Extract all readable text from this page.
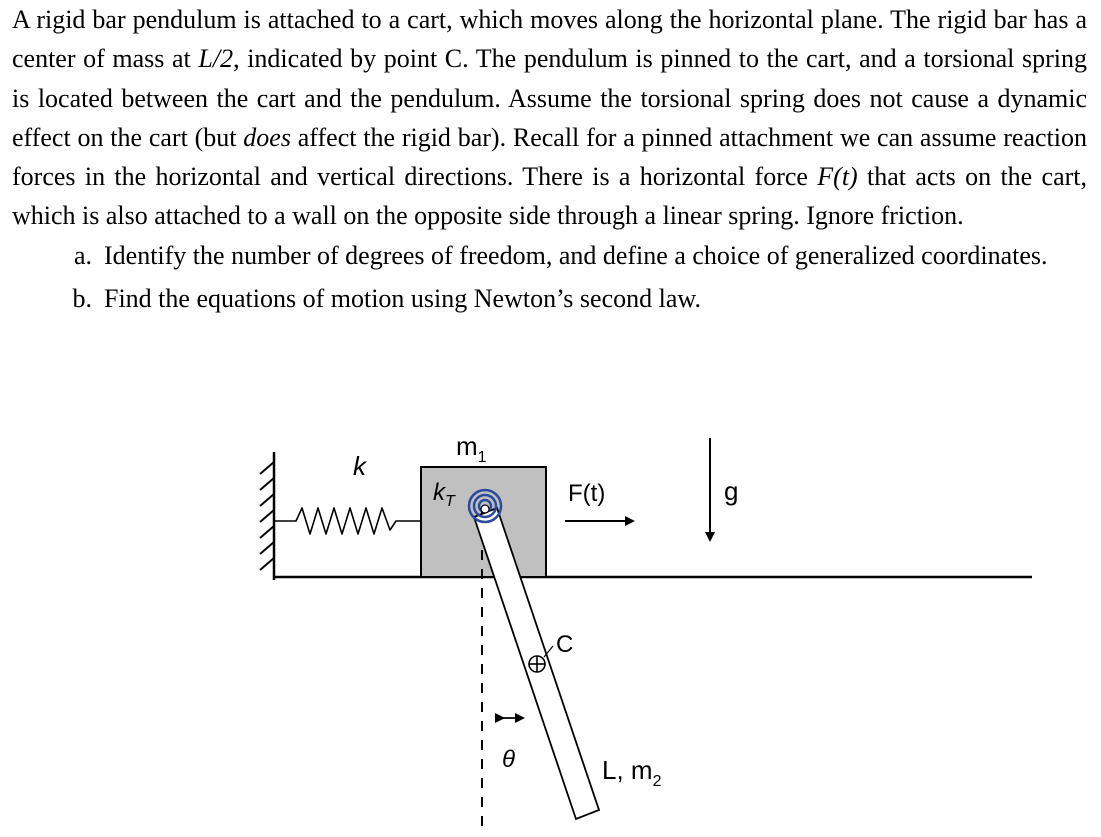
A rigid bar pendulum is attached to a cart, which moves along the horizontal plane. The rigid bar has a center of mass at L/2, indicated by point C. The pendulum is pinned to the cart, and a torsional spring is located between the cart and the pendulum. Assume the torsional spring does not cause a dynamic effect on the cart (but does affect the rigid bar). Recall for a pinned attachment we can assume reaction forces in the horizontal and vertical directions. There is a horizontal force F(t) that acts on the cart, which is also attached to a wall on the opposite side through a linear spring. Ignore friction.

a. Identify the number of degrees of freedom, and define a choice of generalized coordinates.
b. Find the equations of motion using Newton’s second law.
$m_1$
k
$k_T$	F(t)	g
C
θ	L, $m_2$
